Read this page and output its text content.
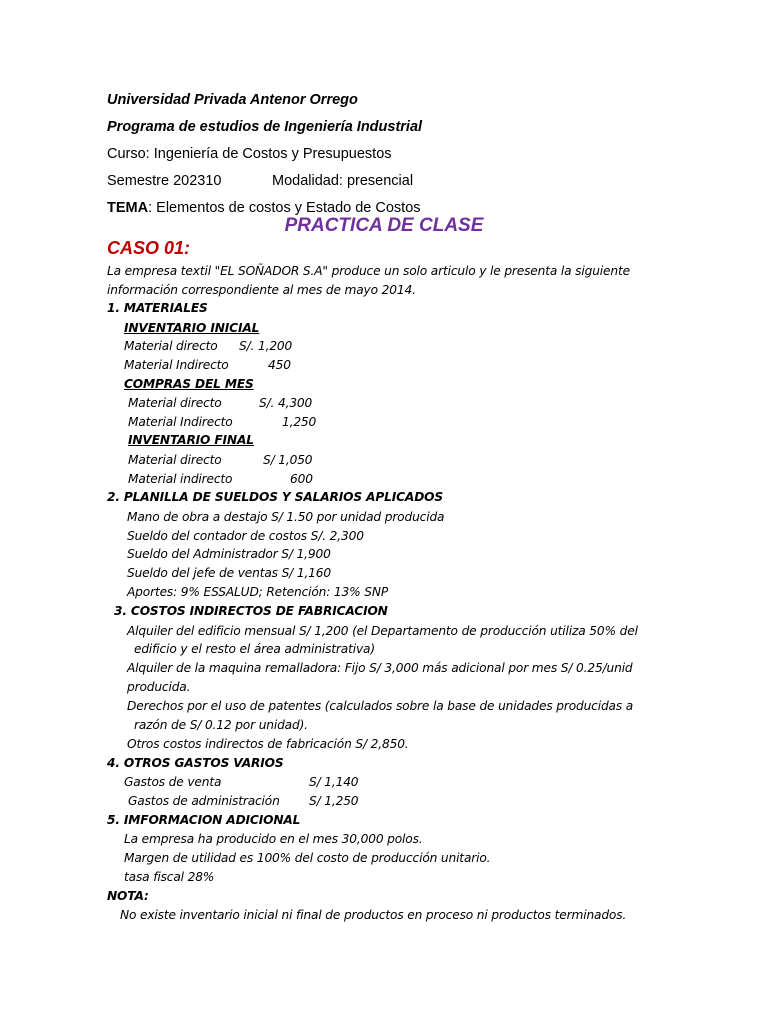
Universidad Privada Antenor Orrego
Programa de estudios de Ingeniería Industrial
Curso: Ingeniería de Costos y Presupuestos
Semestre 202310	Modalidad: presencial
TEMA: Elementos de costos y Estado de Costos
PRACTICA DE CLASE
CASO 01:
La empresa textil "EL SOÑADOR S.A" produce un solo articulo y le presenta la siguiente
información correspondiente al mes de mayo 2014.
1. MATERIALES
INVENTARIO INICIAL
Material directo S/. 1,200
Material Indirecto	450
COMPRAS DEL MES
Material directo	S/. 4,300
Material Indirecto	1,250
INVENTARIO FINAL
Material directo	S/ 1,050
Material indirecto	600
2. PLANILLA DE SUELDOS Y SALARIOS APLICADOS
Mano de obra a destajo S/ 1.50 por unidad producida
Sueldo del contador de costos S/. 2,300
Sueldo del Administrador S/ 1,900
Sueldo del jefe de ventas S/ 1,160
Aportes: 9% ESSALUD; Retención: 13% SNP
3. COSTOS INDIRECTOS DE FABRICACION
Alquiler del edificio mensual S/ 1,200 (el Departamento de producción utiliza 50% del
edificio y el resto el área administrativa)
Alquiler de la maquina remalladora: Fijo S/ 3,000 más adicional por mes S/ 0.25/unid
producida.
Derechos por el uso de patentes (calculados sobre la base de unidades producidas a
razón de S/ 0.12 por unidad).
Otros costos indirectos de fabricación S/ 2,850.
4. OTROS GASTOS VARIOS
Gastos de venta	S/ 1,140
Gastos de administración S/ 1,250
5. IMFORMACION ADICIONAL
La empresa ha producido en el mes 30,000 polos.
Margen de utilidad es 100% del costo de producción unitario.
tasa fiscal 28%
NOTA:
No existe inventario inicial ni final de productos en proceso ni productos terminados.
